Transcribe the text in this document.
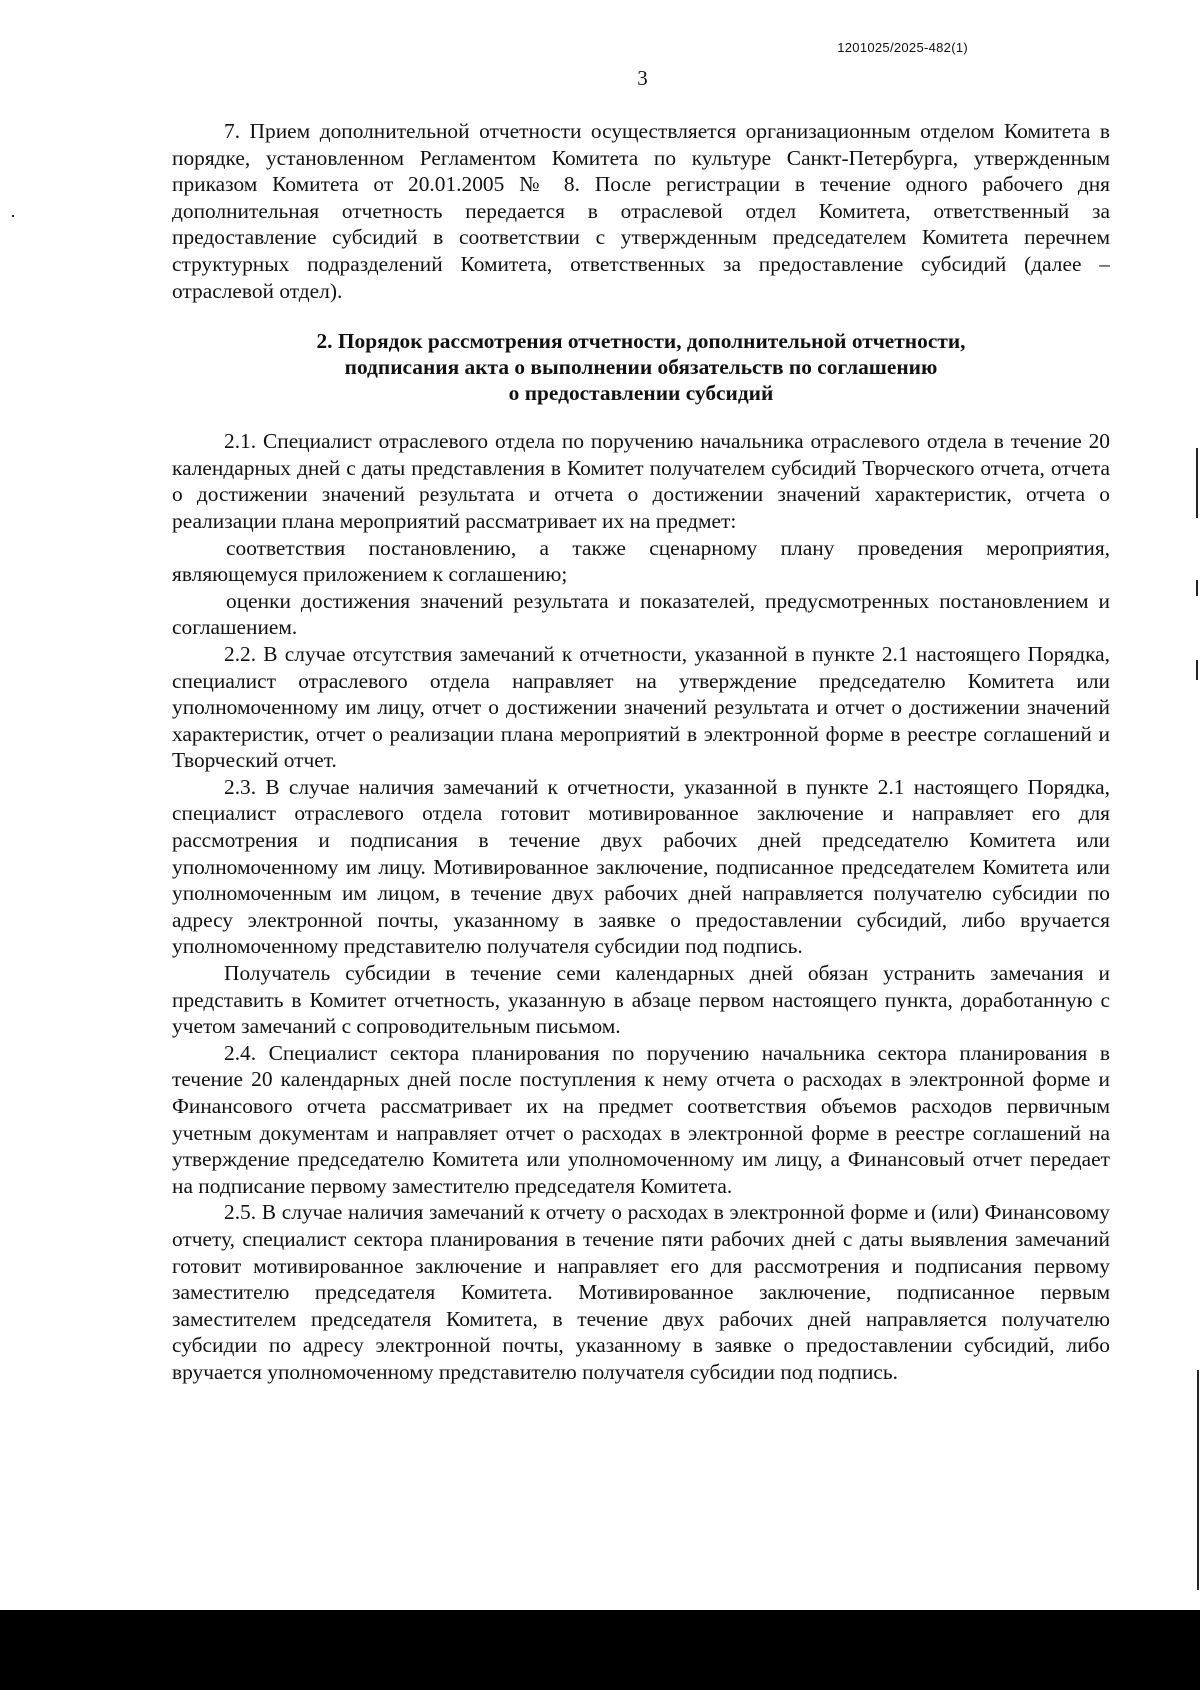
1201025/2025-482(1)
3

7. Прием дополнительной отчетности осуществляется организационным отделом Комитета в порядке, установленном Регламентом Комитета по культуре Санкт-Петербурга, утвержденным приказом Комитета от 20.01.2005 № 8. После регистрации в течение одного рабочего дня дополнительная отчетность передается в отраслевой отдел Комитета, ответственный за предоставление субсидий в соответствии с утвержденным председателем Комитета перечнем структурных подразделений Комитета, ответственных за предоставление субсидий (далее – отраслевой отдел).

2. Порядок рассмотрения отчетности, дополнительной отчетности,
подписания акта о выполнении обязательств по соглашению
о предоставлении субсидий

2.1. Специалист отраслевого отдела по поручению начальника отраслевого отдела в течение 20 календарных дней с даты представления в Комитет получателем субсидий Творческого отчета, отчета о достижении значений результата и отчета о достижении значений характеристик, отчета о реализации плана мероприятий рассматривает их на предмет:

соответствия постановлению, а также сценарному плану проведения мероприятия, являющемуся приложением к соглашению;

оценки достижения значений результата и показателей, предусмотренных постановлением и соглашением.

2.2. В случае отсутствия замечаний к отчетности, указанной в пункте 2.1 настоящего Порядка, специалист отраслевого отдела направляет на утверждение председателю Комитета или уполномоченному им лицу, отчет о достижении значений результата и отчет о достижении значений характеристик, отчет о реализации плана мероприятий в электронной форме в реестре соглашений и Творческий отчет.

2.3. В случае наличия замечаний к отчетности, указанной в пункте 2.1 настоящего Порядка, специалист отраслевого отдела готовит мотивированное заключение и направляет его для рассмотрения и подписания в течение двух рабочих дней председателю Комитета или уполномоченному им лицу. Мотивированное заключение, подписанное председателем Комитета или уполномоченным им лицом, в течение двух рабочих дней направляется получателю субсидии по адресу электронной почты, указанному в заявке о предоставлении субсидий, либо вручается уполномоченному представителю получателя субсидии под подпись.

Получатель субсидии в течение семи календарных дней обязан устранить замечания и представить в Комитет отчетность, указанную в абзаце первом настоящего пункта, доработанную с учетом замечаний с сопроводительным письмом.

2.4. Специалист сектора планирования по поручению начальника сектора планирования в течение 20 календарных дней после поступления к нему отчета о расходах в электронной форме и Финансового отчета рассматривает их на предмет соответствия объемов расходов первичным учетным документам и направляет отчет о расходах в электронной форме в реестре соглашений на утверждение председателю Комитета или уполномоченному им лицу, а Финансовый отчет передает на подписание первому заместителю председателя Комитета.

2.5. В случае наличия замечаний к отчету о расходах в электронной форме и (или) Финансовому отчету, специалист сектора планирования в течение пяти рабочих дней с даты выявления замечаний готовит мотивированное заключение и направляет его для рассмотрения и подписания первому заместителю председателя Комитета. Мотивированное заключение, подписанное первым заместителем председателя Комитета, в течение двух рабочих дней направляется получателю субсидии по адресу электронной почты, указанному в заявке о предоставлении субсидий, либо вручается уполномоченному представителю получателя субсидии под подпись.
